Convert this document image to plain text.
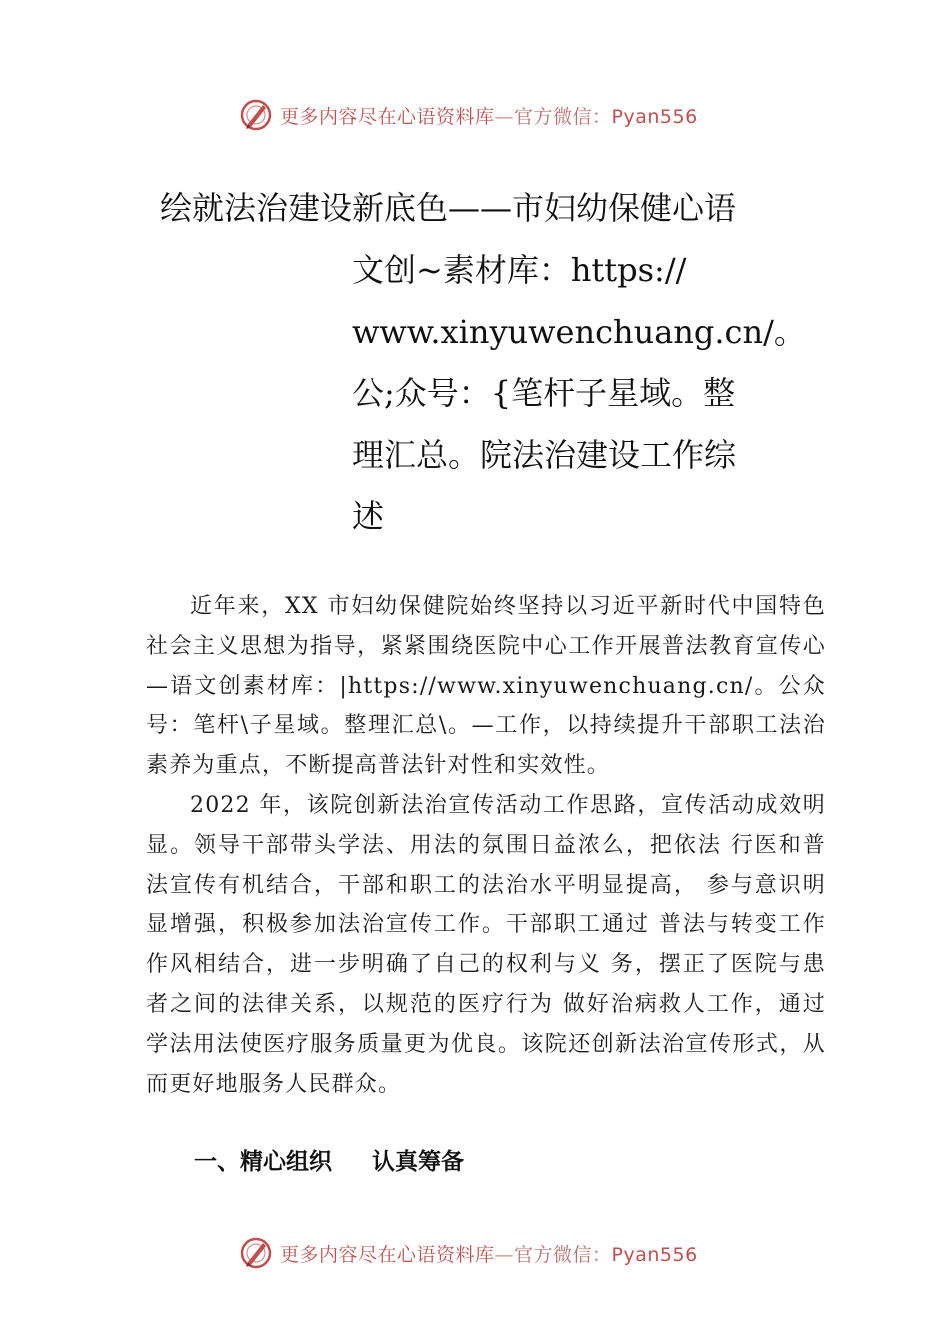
更多内容尽在心语资料库—官方微信：Pyan556
绘就法治建设新底色——市妇幼保健心语
文创~素材库：https://
www.xinyuwenchuang.cn/。
公;众号：{笔杆子星域。整
理汇总。院法治建设工作综
述

近年来，XX 市妇幼保健院始终坚持以习近平新时代中国特色社会主义思想为指导，紧紧围绕医院中心工作开展普法教育宣传心—语文创素材库：|https://www.xinyuwenchuang.cn/。公众号：笔杆\子星域。整理汇总\。—工作，以持续提升干部职工法治素养为重点，不断提高普法针对性和实效性。

2022 年，该院创新法治宣传活动工作思路，宣传活动成效明显。领导干部带头学法、用法的氛围日益浓么，把依法 行医和普法宣传有机结合，干部和职工的法治水平明显提高， 参与意识明显增强，积极参加法治宣传工作。干部职工通过 普法与转变工作作风相结合，进一步明确了自己的权利与义 务，摆正了医院与患者之间的法律关系，以规范的医疗行为 做好治病救人工作，通过学法用法使医疗服务质量更为优良。该院还创新法治宣传形式，从而更好地服务人民群众。

一、精心组织 认真筹备
更多内容尽在心语资料库—官方微信：Pyan556
